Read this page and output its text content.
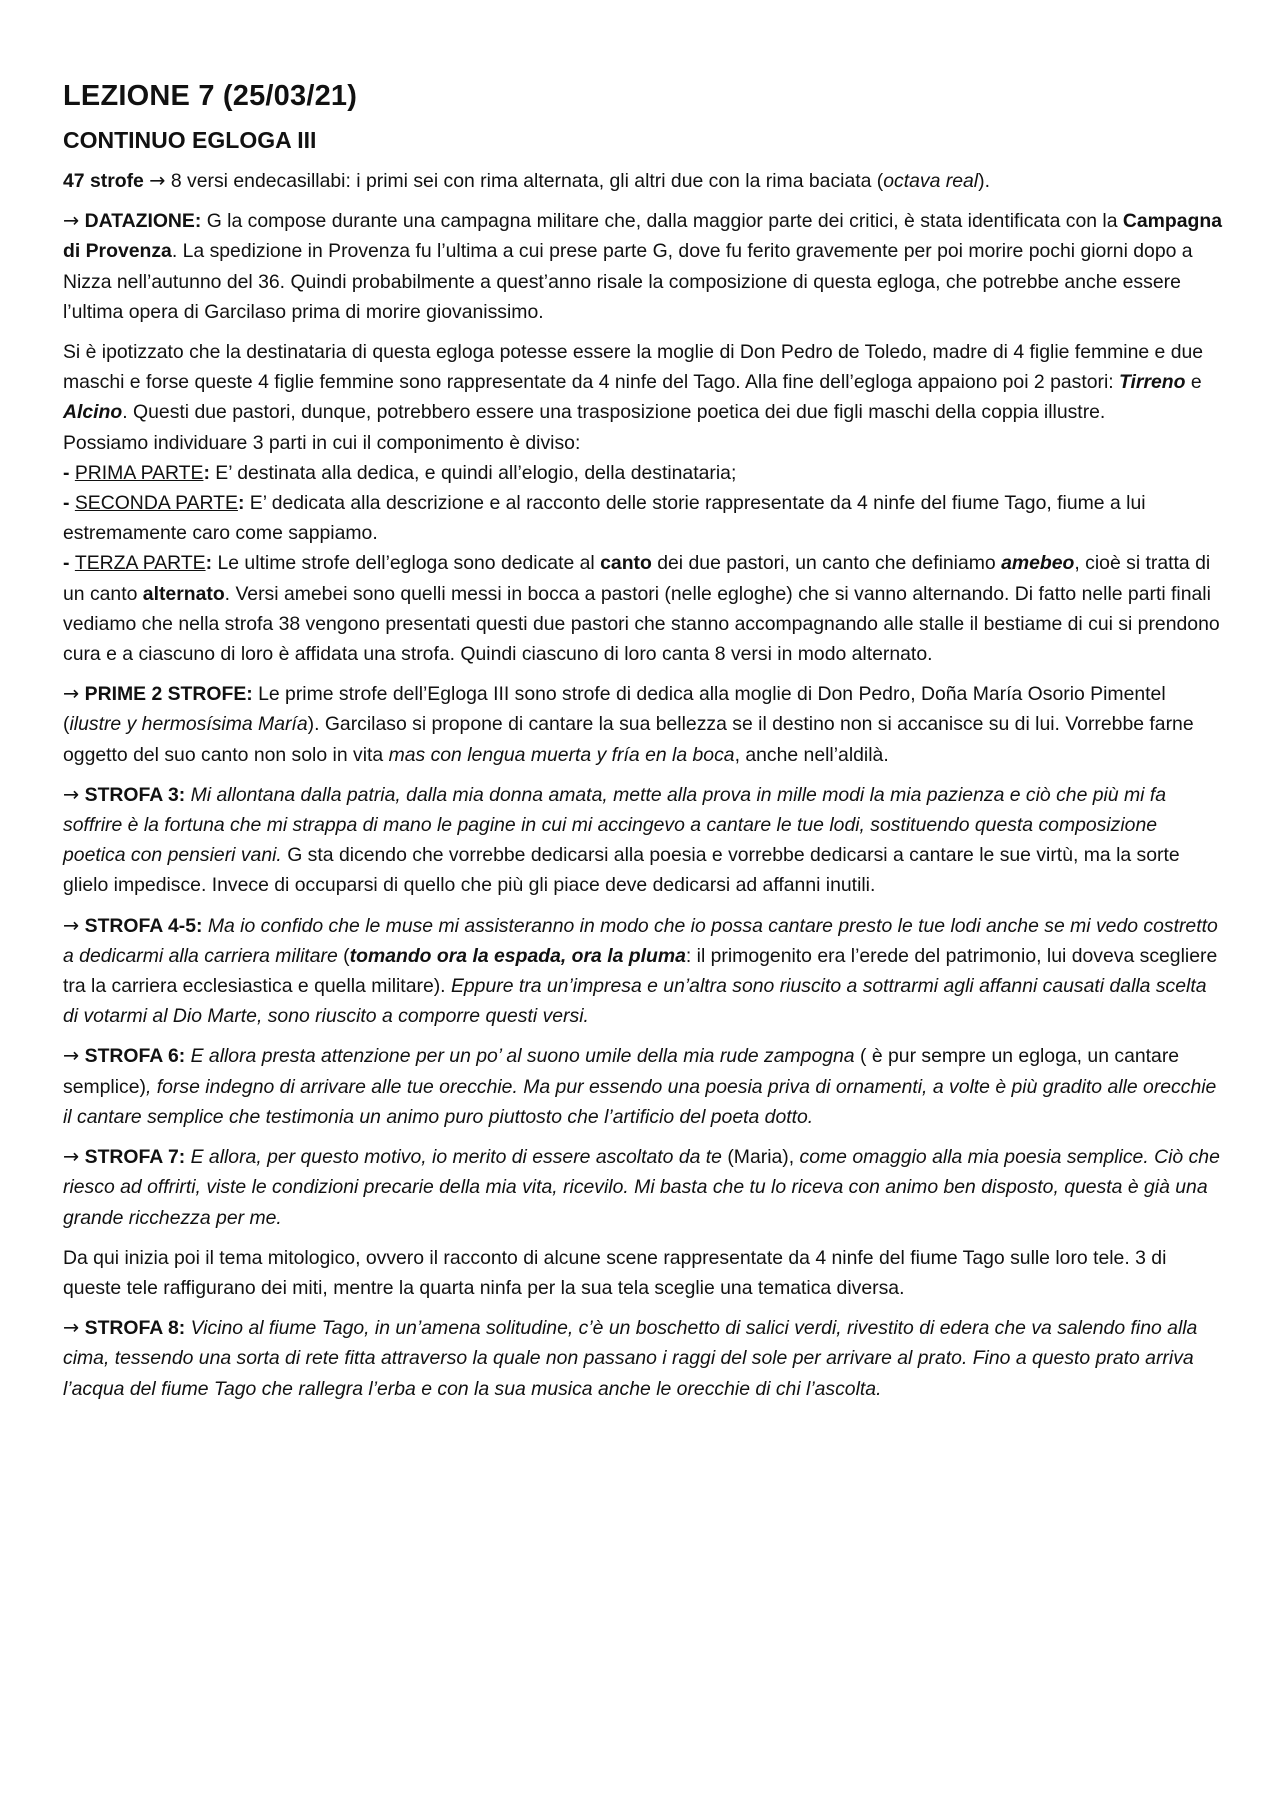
LEZIONE 7 (25/03/21)
CONTINUO EGLOGA III

47 strofe → 8 versi endecasillabi: i primi sei con rima alternata, gli altri due con la rima baciata (octava real).

→ DATAZIONE: G la compose durante una campagna militare che, dalla maggior parte dei critici, è stata identificata con la Campagna di Provenza. La spedizione in Provenza fu l’ultima a cui prese parte G, dove fu ferito gravemente per poi morire pochi giorni dopo a Nizza nell’autunno del 36. Quindi probabilmente a quest’anno risale la composizione di questa egloga, che potrebbe anche essere l’ultima opera di Garcilaso prima di morire giovanissimo.

Si è ipotizzato che la destinataria di questa egloga potesse essere la moglie di Don Pedro de Toledo, madre di 4 figlie femmine e due maschi e forse queste 4 figlie femmine sono rappresentate da 4 ninfe del Tago. Alla fine dell’egloga appaiono poi 2 pastori: Tirreno e Alcino. Questi due pastori, dunque, potrebbero essere una trasposizione poetica dei due figli maschi della coppia illustre.

Possiamo individuare 3 parti in cui il componimento è diviso:

- PRIMA PARTE: E’ destinata alla dedica, e quindi all’elogio, della destinataria;

- SECONDA PARTE: E’ dedicata alla descrizione e al racconto delle storie rappresentate da 4 ninfe del fiume Tago, fiume a lui estremamente caro come sappiamo.

- TERZA PARTE: Le ultime strofe dell’egloga sono dedicate al canto dei due pastori, un canto che definiamo amebeo, cioè si tratta di un canto alternato. Versi amebei sono quelli messi in bocca a pastori (nelle egloghe) che si vanno alternando. Di fatto nelle parti finali vediamo che nella strofa 38 vengono presentati questi due pastori che stanno accompagnando alle stalle il bestiame di cui si prendono cura e a ciascuno di loro è affidata una strofa. Quindi ciascuno di loro canta 8 versi in modo alternato.

→ PRIME 2 STROFE: Le prime strofe dell’Egloga III sono strofe di dedica alla moglie di Don Pedro, Doña María Osorio Pimentel (ilustre y hermosísima María). Garcilaso si propone di cantare la sua bellezza se il destino non si accanisce su di lui. Vorrebbe farne oggetto del suo canto non solo in vita mas con lengua muerta y fría en la boca, anche nell’aldilà.

→ STROFA 3: Mi allontana dalla patria, dalla mia donna amata, mette alla prova in mille modi la mia pazienza e ciò che più mi fa soffrire è la fortuna che mi strappa di mano le pagine in cui mi accingevo a cantare le tue lodi, sostituendo questa composizione poetica con pensieri vani. G sta dicendo che vorrebbe dedicarsi alla poesia e vorrebbe dedicarsi a cantare le sue virtù, ma la sorte glielo impedisce. Invece di occuparsi di quello che più gli piace deve dedicarsi ad affanni inutili.

→ STROFA 4-5: Ma io confido che le muse mi assisteranno in modo che io possa cantare presto le tue lodi anche se mi vedo costretto a dedicarmi alla carriera militare (tomando ora la espada, ora la pluma: il primogenito era l’erede del patrimonio, lui doveva scegliere tra la carriera ecclesiastica e quella militare). Eppure tra un’impresa e un’altra sono riuscito a sottrarmi agli affanni causati dalla scelta di votarmi al Dio Marte, sono riuscito a comporre questi versi.

→ STROFA 6: E allora presta attenzione per un po’ al suono umile della mia rude zampogna ( è pur sempre un egloga, un cantare semplice), forse indegno di arrivare alle tue orecchie. Ma pur essendo una poesia priva di ornamenti, a volte è più gradito alle orecchie il cantare semplice che testimonia un animo puro piuttosto che l’artificio del poeta dotto.

→ STROFA 7: E allora, per questo motivo, io merito di essere ascoltato da te (Maria), come omaggio alla mia poesia semplice. Ciò che riesco ad offrirti, viste le condizioni precarie della mia vita, ricevilo. Mi basta che tu lo riceva con animo ben disposto, questa è già una grande ricchezza per me.

Da qui inizia poi il tema mitologico, ovvero il racconto di alcune scene rappresentate da 4 ninfe del fiume Tago sulle loro tele. 3 di queste tele raffigurano dei miti, mentre la quarta ninfa per la sua tela sceglie una tematica diversa.

→ STROFA 8: Vicino al fiume Tago, in un’amena solitudine, c’è un boschetto di salici verdi, rivestito di edera che va salendo fino alla cima, tessendo una sorta di rete fitta attraverso la quale non passano i raggi del sole per arrivare al prato. Fino a questo prato arriva l’acqua del fiume Tago che rallegra l’erba e con la sua musica anche le orecchie di chi l’ascolta.
